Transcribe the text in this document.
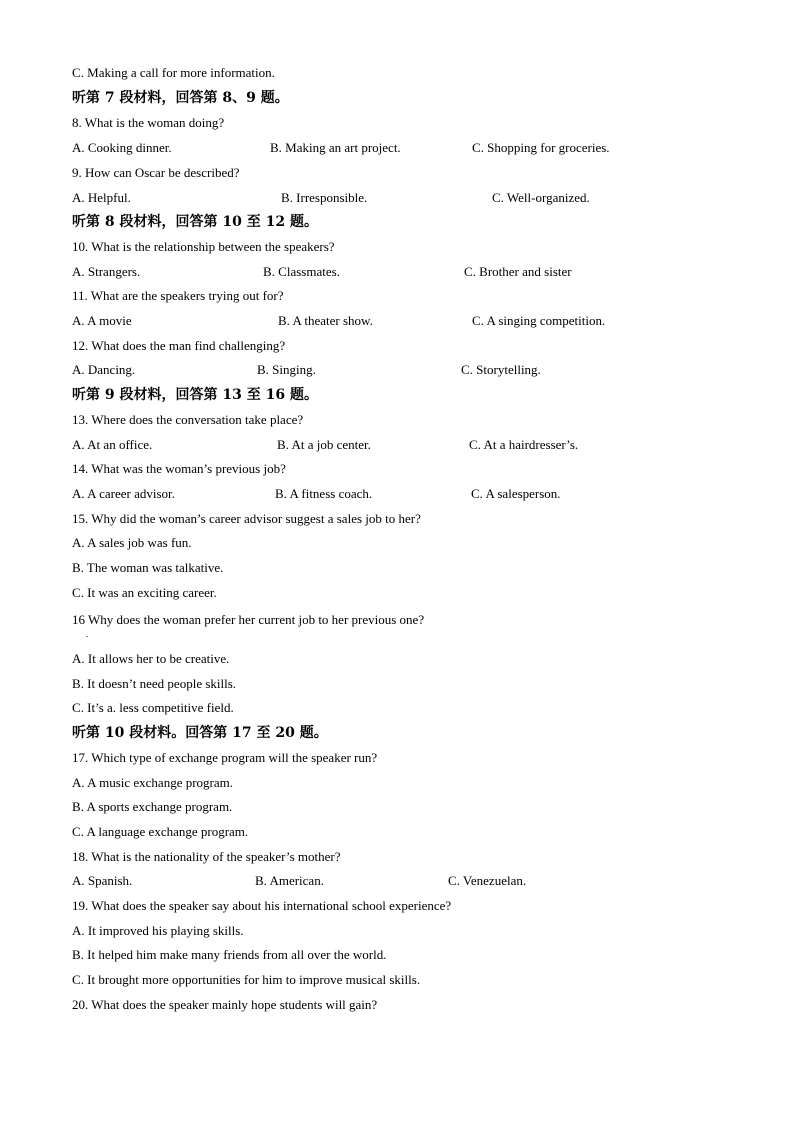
C. Making a call for more information.
听第 7 段材料，回答第 8、9 题。
8. What is the woman doing?
A. Cooking dinner.	B. Making an art project.	C. Shopping for groceries.
9. How can Oscar be described?
A. Helpful.	B. Irresponsible.	C. Well-organized.
听第 8 段材料，回答第 10 至 12 题。
10. What is the relationship between the speakers?
A. Strangers.	B. Classmates.	C. Brother and sister
11. What are the speakers trying out for?
A. A movie	B. A theater show.	C. A singing competition.
12. What does the man find challenging?
A. Dancing.	B. Singing.	C. Storytelling.
听第 9 段材料，回答第 13 至 16 题。
13. Where does the conversation take place?
A. At an office.	B. At a job center.	C. At a hairdresser’s.
14. What was the woman’s previous job?
A. A career advisor.	B. A fitness coach.	C. A salesperson.
15. Why did the woman’s career advisor suggest a sales job to her?
A. A sales job was fun.
B. The woman was talkative.
C. It was an exciting career.
16 Why does the woman prefer her current job to her previous one?
.
A. It allows her to be creative.
B. It doesn’t need people skills.
C. It’s a. less competitive field.
听第 10 段材料。回答第 17 至 20 题。
17. Which type of exchange program will the speaker run?
A. A music exchange program.
B. A sports exchange program.
C. A language exchange program.
18. What is the nationality of the speaker’s mother?
A. Spanish.	B. American.	C. Venezuelan.
19. What does the speaker say about his international school experience?
A. It improved his playing skills.
B. It helped him make many friends from all over the world.
C. It brought more opportunities for him to improve musical skills.
20. What does the speaker mainly hope students will gain?
